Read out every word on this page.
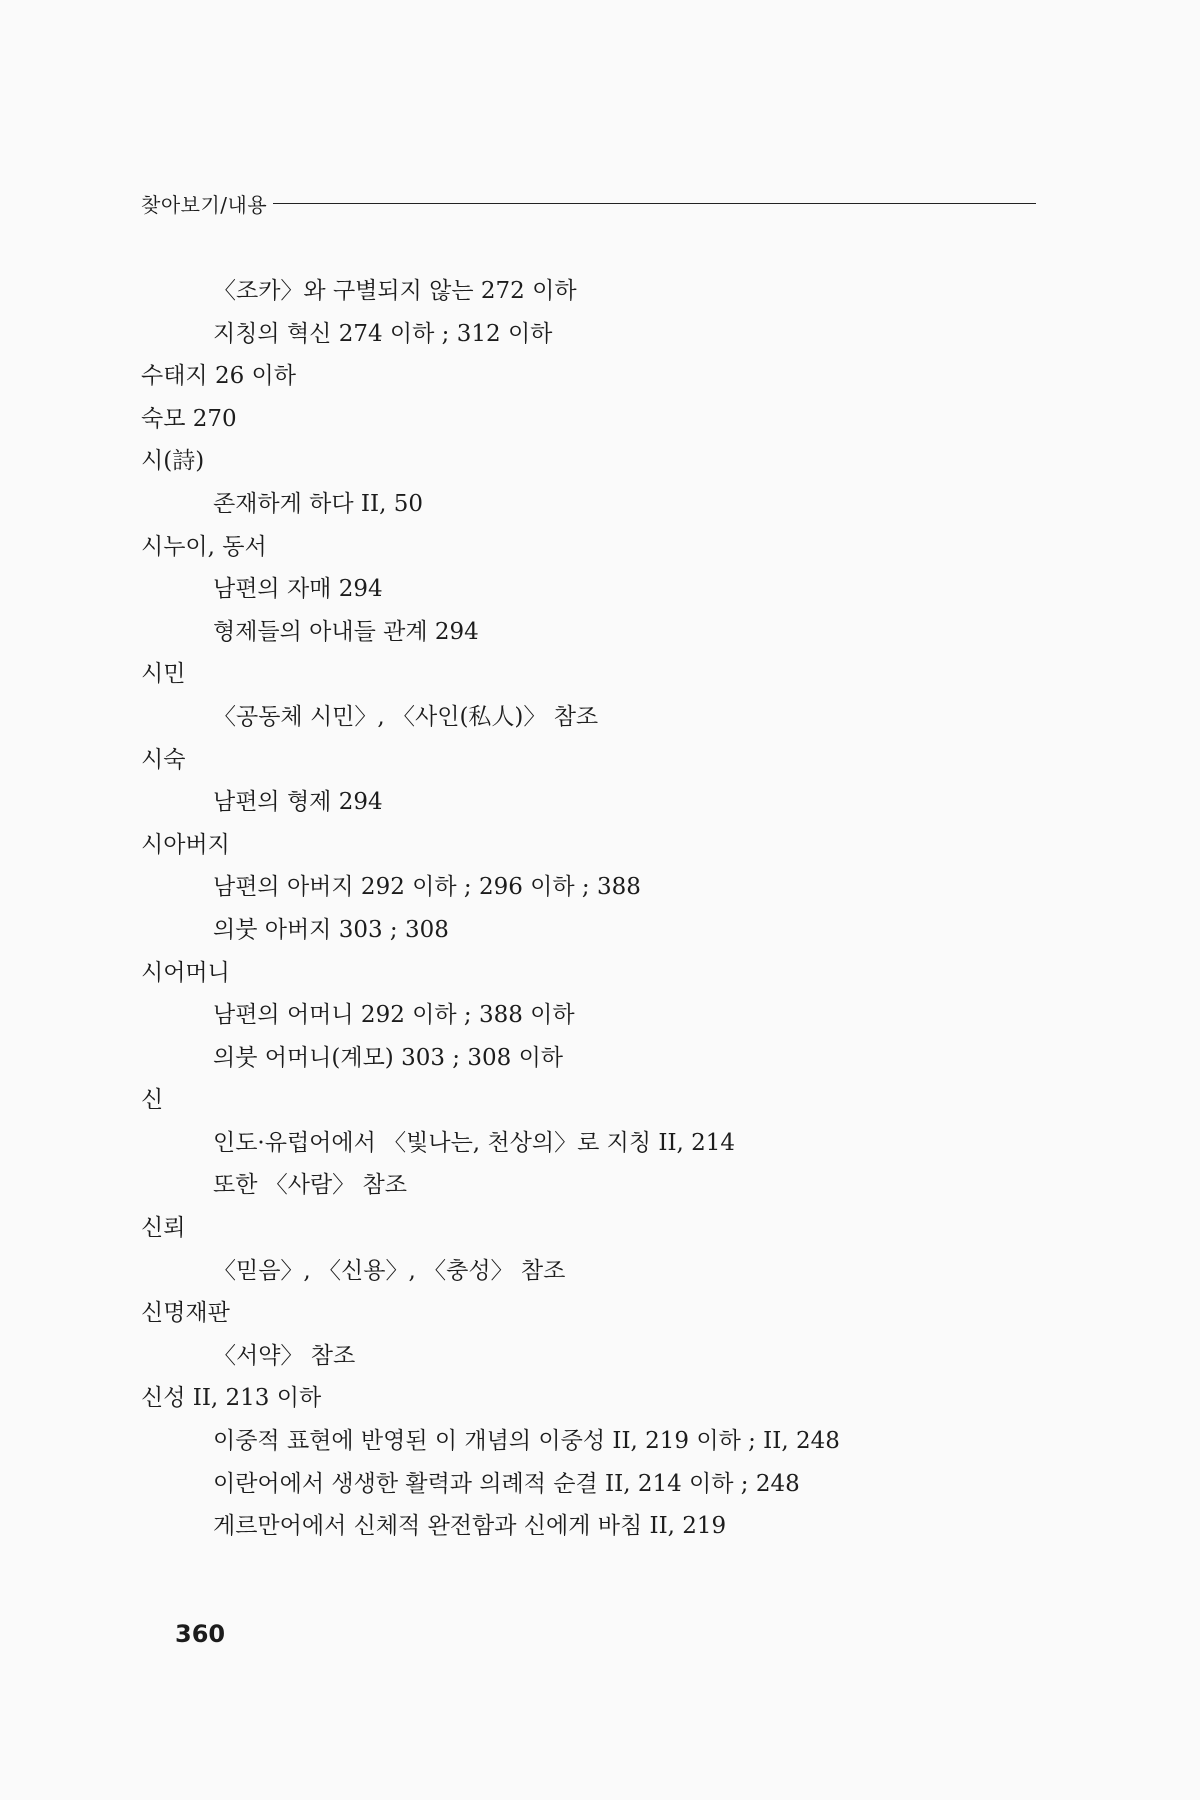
찾아보기/내용
〈조카〉와 구별되지 않는 272 이하
지칭의 혁신 274 이하 ; 312 이하
수태지 26 이하
숙모 270
시(詩)
존재하게 하다 II, 50
시누이, 동서
남편의 자매 294
형제들의 아내들 관계 294
시민
〈공동체 시민〉, 〈사인(私人)〉 참조
시숙
남편의 형제 294
시아버지
남편의 아버지 292 이하 ; 296 이하 ; 388
의붓 아버지 303 ; 308
시어머니
남편의 어머니 292 이하 ; 388 이하
의붓 어머니(계모) 303 ; 308 이하
신
인도·유럽어에서 〈빛나는, 천상의〉로 지칭 II, 214
또한 〈사람〉 참조
신뢰
〈믿음〉, 〈신용〉, 〈충성〉 참조
신명재판
〈서약〉 참조
신성 II, 213 이하
이중적 표현에 반영된 이 개념의 이중성 II, 219 이하 ; II, 248
이란어에서 생생한 활력과 의례적 순결 II, 214 이하 ; 248
게르만어에서 신체적 완전함과 신에게 바침 II, 219
360
